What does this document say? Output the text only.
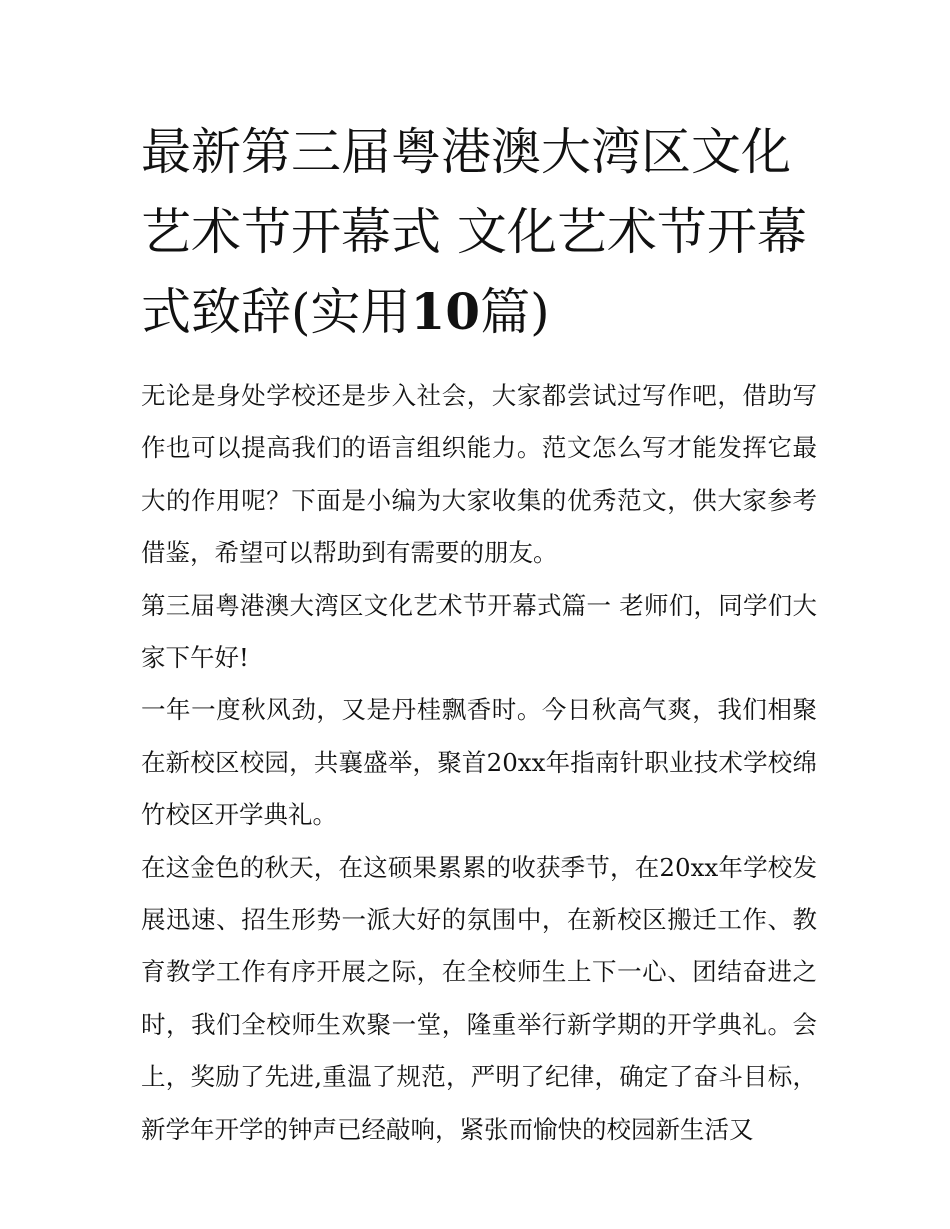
最新第三届粤港澳大湾区文化艺术节开幕式 文化艺术节开幕式致辞(实用10篇)

无论是身处学校还是步入社会，大家都尝试过写作吧，借助写作也可以提高我们的语言组织能力。范文怎么写才能发挥它最大的作用呢？下面是小编为大家收集的优秀范文，供大家参考借鉴，希望可以帮助到有需要的朋友。

第三届粤港澳大湾区文化艺术节开幕式篇一 老师们，同学们大家下午好!

一年一度秋风劲，又是丹桂飘香时。今日秋高气爽，我们相聚在新校区校园，共襄盛举，聚首20xx年指南针职业技术学校绵竹校区开学典礼。

在这金色的秋天，在这硕果累累的收获季节，在20xx年学校发展迅速、招生形势一派大好的氛围中，在新校区搬迁工作、教育教学工作有序开展之际，在全校师生上下一心、团结奋进之时，我们全校师生欢聚一堂，隆重举行新学期的开学典礼。会上，奖励了先进,重温了规范，严明了纪律，确定了奋斗目标，新学年开学的钟声已经敲响，紧张而愉快的校园新生活又
